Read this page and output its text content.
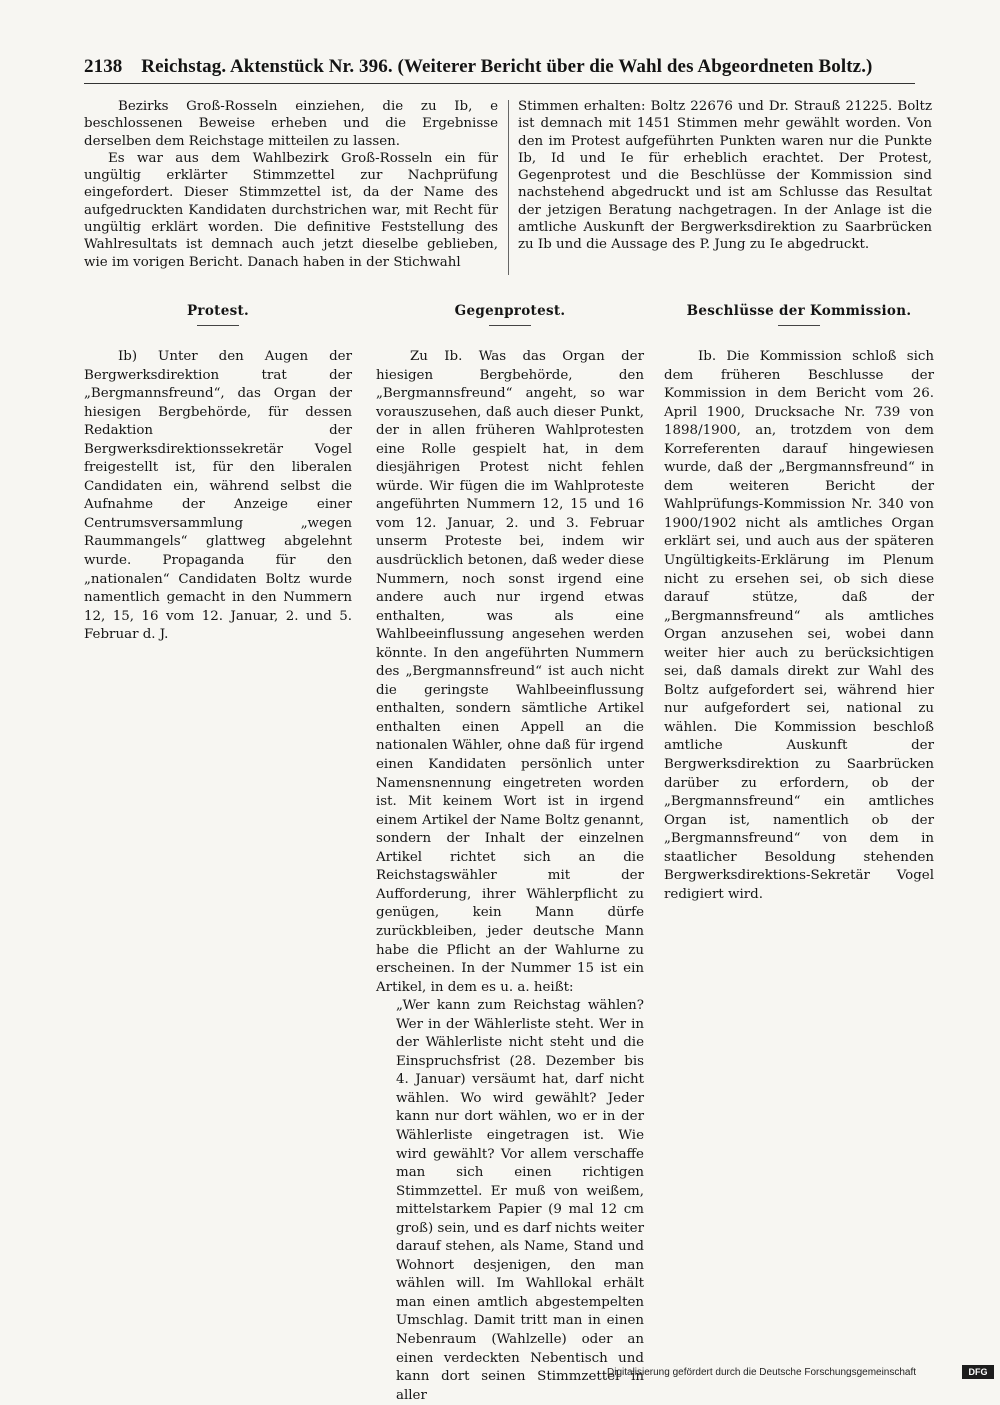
2138 Reichstag. Aktenstück Nr. 396. (Weiterer Bericht über die Wahl des Abgeordneten Boltz.)

Bezirks Groß-Rosseln einziehen, die zu Ib, e beschlossenen Beweise erheben und die Ergebnisse derselben dem Reichstage mitteilen zu lassen.

Es war aus dem Wahlbezirk Groß-Rosseln ein für ungültig erklärter Stimmzettel zur Nachprüfung eingefordert. Dieser Stimmzettel ist, da der Name des aufgedruckten Kandidaten durchstrichen war, mit Recht für ungültig erklärt worden. Die definitive Feststellung des Wahlresultats ist demnach auch jetzt dieselbe geblieben, wie im vorigen Bericht. Danach haben in der Stichwahl

Stimmen erhalten: Boltz 22676 und Dr. Strauß 21225. Boltz ist demnach mit 1451 Stimmen mehr gewählt worden. Von den im Protest aufgeführten Punkten waren nur die Punkte Ib, Id und Ie für erheblich erachtet. Der Protest, Gegenprotest und die Beschlüsse der Kommission sind nachstehend abgedruckt und ist am Schlusse das Resultat der jetzigen Beratung nachgetragen. In der Anlage ist die amtliche Auskunft der Bergwerksdirektion zu Saarbrücken zu Ib und die Aussage des P. Jung zu Ie abgedruckt.

Protest.	Gegenprotest.	Beschlüsse der Kommission.

Ib) Unter den Augen der Bergwerksdirektion trat der „Bergmannsfreund“, das Organ der hiesigen Bergbehörde, für dessen Redaktion der Bergwerksdirektionssekretär Vogel freigestellt ist, für den liberalen Candidaten ein, während selbst die Aufnahme der Anzeige einer Centrumsversammlung „wegen Raummangels“ glattweg abgelehnt wurde. Propaganda für den „nationalen“ Candidaten Boltz wurde namentlich gemacht in den Nummern 12, 15, 16 vom 12. Januar, 2. und 5. Februar d. J.

Zu Ib. Was das Organ der hiesigen Bergbehörde, den „Bergmannsfreund“ angeht, so war vorauszusehen, daß auch dieser Punkt, der in allen früheren Wahlprotesten eine Rolle gespielt hat, in dem diesjährigen Protest nicht fehlen würde. Wir fügen die im Wahlproteste angeführten Nummern 12, 15 und 16 vom 12. Januar, 2. und 3. Februar unserm Proteste bei, indem wir ausdrücklich betonen, daß weder diese Nummern, noch sonst irgend eine andere auch nur irgend etwas enthalten, was als eine Wahlbeeinflussung angesehen werden könnte. In den angeführten Nummern des „Bergmannsfreund“ ist auch nicht die geringste Wahlbeeinflussung enthalten, sondern sämtliche Artikel enthalten einen Appell an die nationalen Wähler, ohne daß für irgend einen Kandidaten persönlich unter Namensnennung eingetreten worden ist. Mit keinem Wort ist in irgend einem Artikel der Name Boltz genannt, sondern der Inhalt der einzelnen Artikel richtet sich an die Reichstagswähler mit der Aufforderung, ihrer Wählerpflicht zu genügen, kein Mann dürfe zurückbleiben, jeder deutsche Mann habe die Pflicht an der Wahlurne zu erscheinen. In der Nummer 15 ist ein Artikel, in dem es u. a. heißt:

„Wer kann zum Reichstag wählen? Wer in der Wählerliste steht. Wer in der Wählerliste nicht steht und die Einspruchsfrist (28. Dezember bis 4. Januar) versäumt hat, darf nicht wählen. Wo wird gewählt? Jeder kann nur dort wählen, wo er in der Wählerliste eingetragen ist. Wie wird gewählt? Vor allem verschaffe man sich einen richtigen Stimmzettel. Er muß von weißem, mittelstarkem Papier (9 mal 12 cm groß) sein, und es darf nichts weiter darauf stehen, als Name, Stand und Wohnort desjenigen, den man wählen will. Im Wahllokal erhält man einen amtlich abgestempelten Umschlag. Damit tritt man in einen Nebenraum (Wahlzelle) oder an einen verdeckten Nebentisch und kann dort seinen Stimmzettel in aller

Ib. Die Kommission schloß sich dem früheren Beschlusse der Kommission in dem Bericht vom 26. April 1900, Drucksache Nr. 739 von 1898/1900, an, trotzdem von dem Korreferenten darauf hingewiesen wurde, daß der „Bergmannsfreund“ in dem weiteren Bericht der Wahlprüfungs-Kommission Nr. 340 von 1900/1902 nicht als amtliches Organ erklärt sei, und auch aus der späteren Ungültigkeits-Erklärung im Plenum nicht zu ersehen sei, ob sich diese darauf stütze, daß der „Bergmannsfreund“ als amtliches Organ anzusehen sei, wobei dann weiter hier auch zu berücksichtigen sei, daß damals direkt zur Wahl des Boltz aufgefordert sei, während hier nur aufgefordert sei, national zu wählen. Die Kommission beschloß amtliche Auskunft der Bergwerksdirektion zu Saarbrücken darüber zu erfordern, ob der „Bergmannsfreund“ ein amtliches Organ ist, namentlich ob der „Bergmannsfreund“ von dem in staatlicher Besoldung stehenden Bergwerksdirektions-Sekretär Vogel redigiert wird.

Digitalisierung gefördert durch die Deutsche Forschungsgemeinschaft	DFG
